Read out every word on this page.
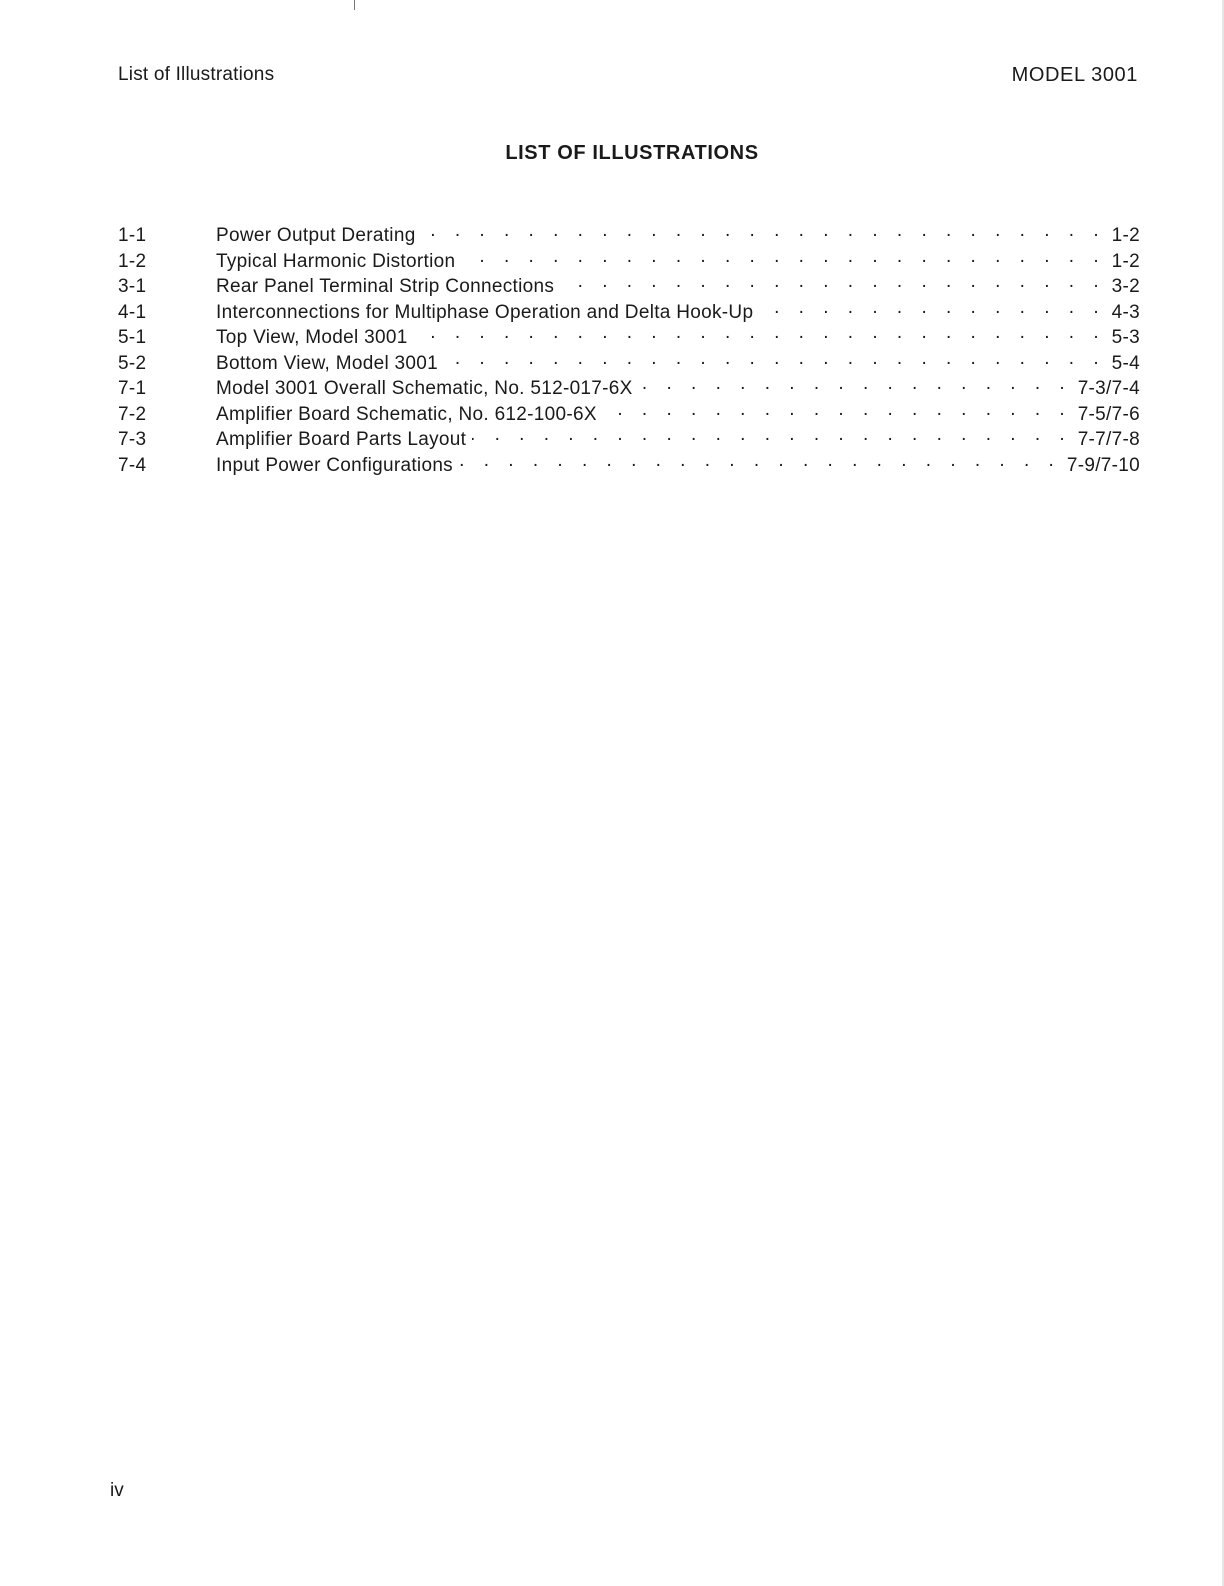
List of Illustrations	MODEL 3001
LIST OF ILLUSTRATIONS
1-1	Power Output Derating . . .	1-2
1-2	Typical Harmonic Distortion . . .	1-2
3-1	Rear Panel Terminal Strip Connections . . .	3-2
4-1	Interconnections for Multiphase Operation and Delta Hook-Up . . .	4-3
5-1	Top View, Model 3001 . . .	5-3
5-2	Bottom View, Model 3001 . . .	5-4
7-1	Model 3001 Overall Schematic, No. 512-017-6X . . .	7-3/7-4
7-2	Amplifier Board Schematic, No. 612-100-6X . . .	7-5/7-6
7-3	Amplifier Board Parts Layout . . .	7-7/7-8
7-4	Input Power Configurations . . .	7-9/7-10
iv
